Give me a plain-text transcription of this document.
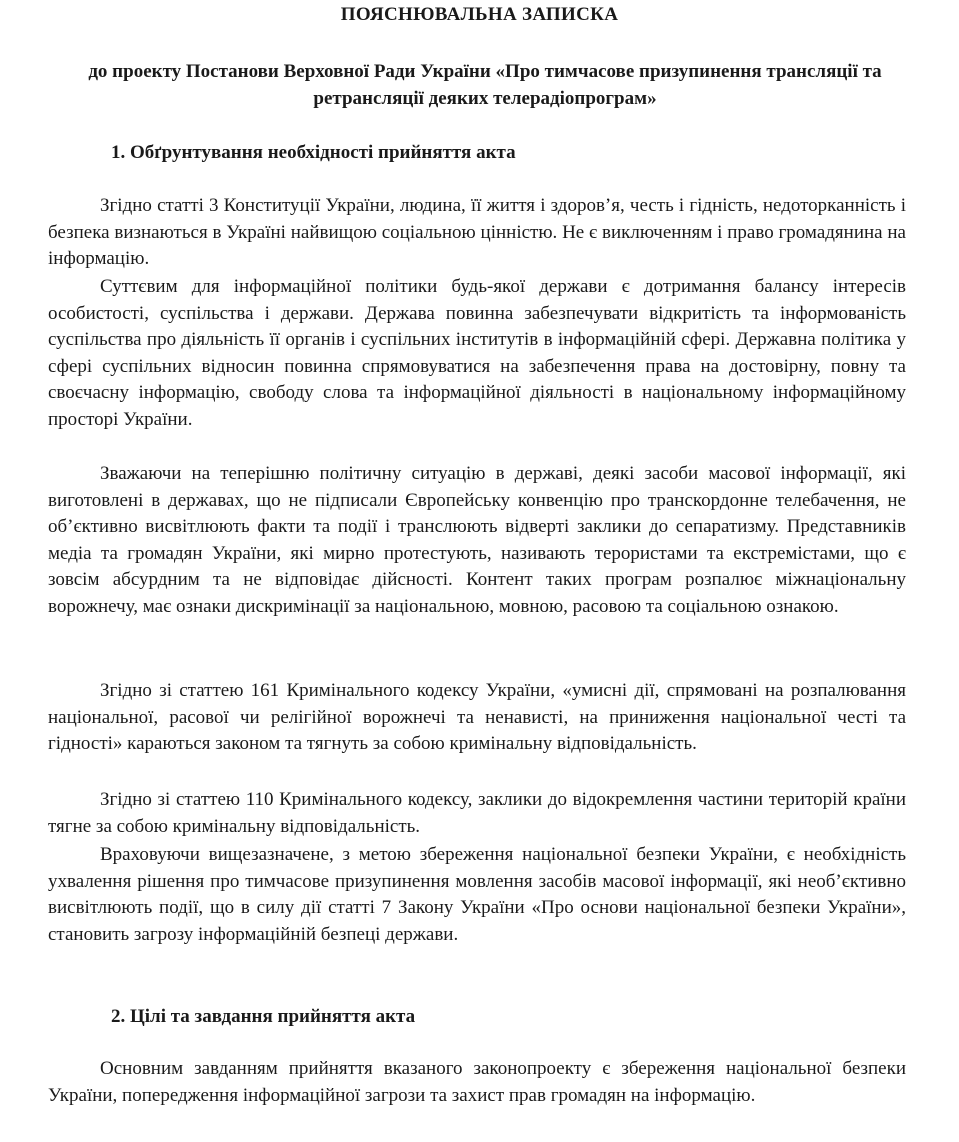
ПОЯСНЮВАЛЬНА ЗАПИСКА
до проекту Постанови Верховної Ради України «Про тимчасове призупинення трансляції та ретрансляції деяких телерадіопрограм»
1. Обґрунтування необхідності прийняття акта

Згідно статті 3 Конституції України, людина, її життя і здоров’я, честь і гідність, недоторканність і безпека визнаються в Україні найвищою соціальною цінністю. Не є виключенням і право громадянина на інформацію.

Суттєвим для інформаційної політики будь-якої держави є дотримання балансу інтересів особистості, суспільства і держави. Держава повинна забезпечувати відкритість та інформованість суспільства про діяльність її органів і суспільних інститутів в інформаційній сфері. Державна політика у сфері суспільних відносин повинна спрямовуватися на забезпечення права на достовірну, повну та своєчасну інформацію, свободу слова та інформаційної діяльності в національному інформаційному просторі України.

Зважаючи на теперішню політичну ситуацію в державі, деякі засоби масової інформації, які виготовлені в державах, що не підписали Європейську конвенцію про транскордонне телебачення, не об’єктивно висвітлюють факти та події і транслюють відверті заклики до сепаратизму. Представників медіа та громадян України, які мирно протестують, називають терористами та екстремістами, що є зовсім абсурдним та не відповідає дійсності. Контент таких програм розпалює міжнаціональну ворожнечу, має ознаки дискримінації за національною, мовною, расовою та соціальною ознакою.

Згідно зі статтею 161 Кримінального кодексу України, «умисні дії, спрямовані на розпалювання національної, расової чи релігійної ворожнечі та ненависті, на приниження національної честі та гідності» караються законом та тягнуть за собою кримінальну відповідальність.

Згідно зі статтею 110 Кримінального кодексу, заклики до відокремлення частини територій країни тягне за собою кримінальну відповідальність.

Враховуючи вищезазначене, з метою збереження національної безпеки України, є необхідність ухвалення рішення про тимчасове призупинення мовлення засобів масової інформації, які необ’єктивно висвітлюють події, що в силу дії статті 7 Закону України «Про основи національної безпеки України», становить загрозу інформаційній безпеці держави.

2. Цілі та завдання прийняття акта

Основним завданням прийняття вказаного законопроекту є збереження національної безпеки України, попередження інформаційної загрози та захист прав громадян на інформацію.
